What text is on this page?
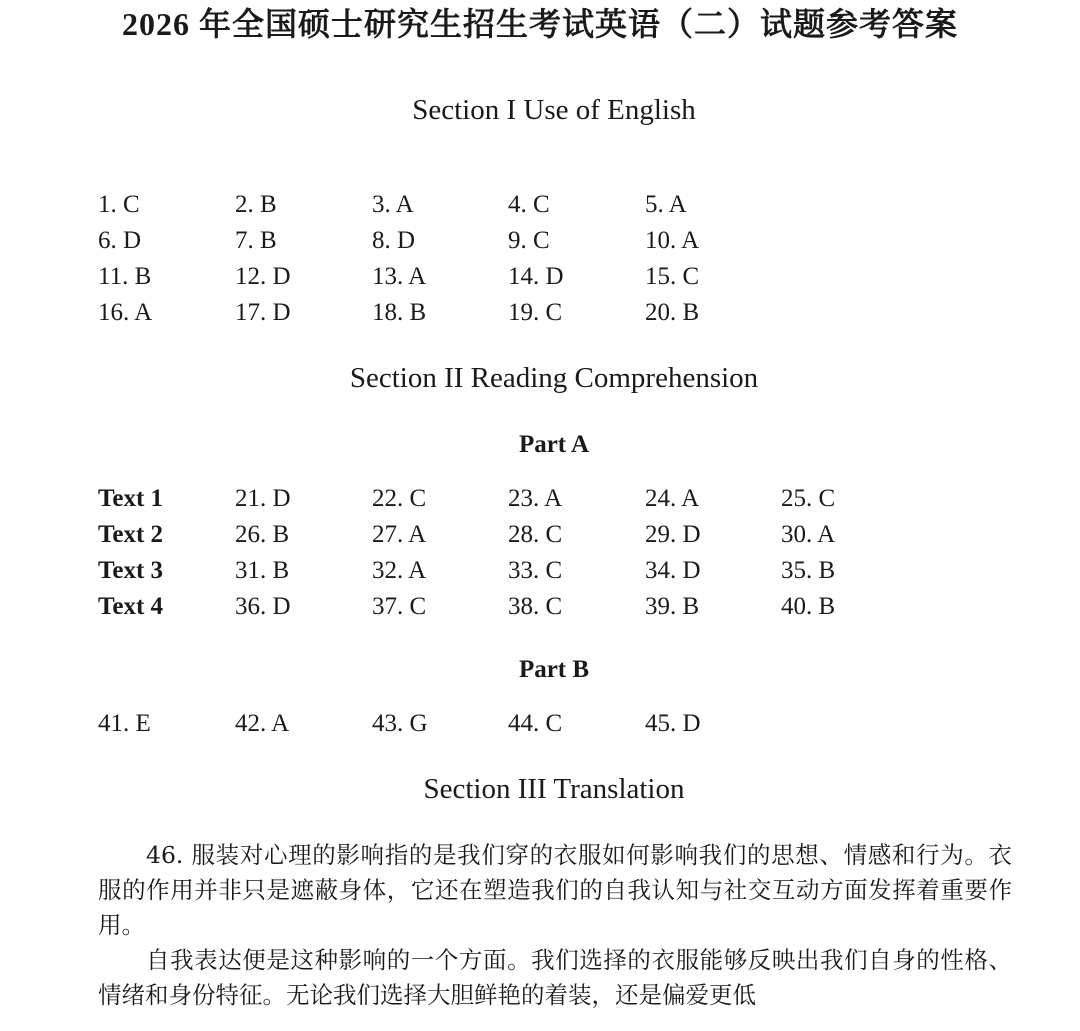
2026 年全国硕士研究生招生考试英语（二）试题参考答案
Section I Use of English
1. C	2. B	3. A	4. C	5. A
6. D	7. B	8. D	9. C	10. A
11. B	12. D	13. A	14. D	15. C
16. A	17. D	18. B	19. C	20. B
Section II Reading Comprehension
Part A
Text 1	21. D	22. C	23. A	24. A	25. C
Text 2	26. B	27. A	28. C	29. D	30. A
Text 3	31. B	32. A	33. C	34. D	35. B
Text 4	36. D	37. C	38. C	39. B	40. B
Part B
41. E	42. A	43. G	44. C	45. D
Section III Translation

46. 服装对心理的影响指的是我们穿的衣服如何影响我们的思想、情感和行为。衣服的作用并非只是遮蔽身体，它还在塑造我们的自我认知与社交互动方面发挥着重要作用。

自我表达便是这种影响的一个方面。我们选择的衣服能够反映出我们自身的性格、情绪和身份特征。无论我们选择大胆鲜艳的着装，还是偏爱更低
